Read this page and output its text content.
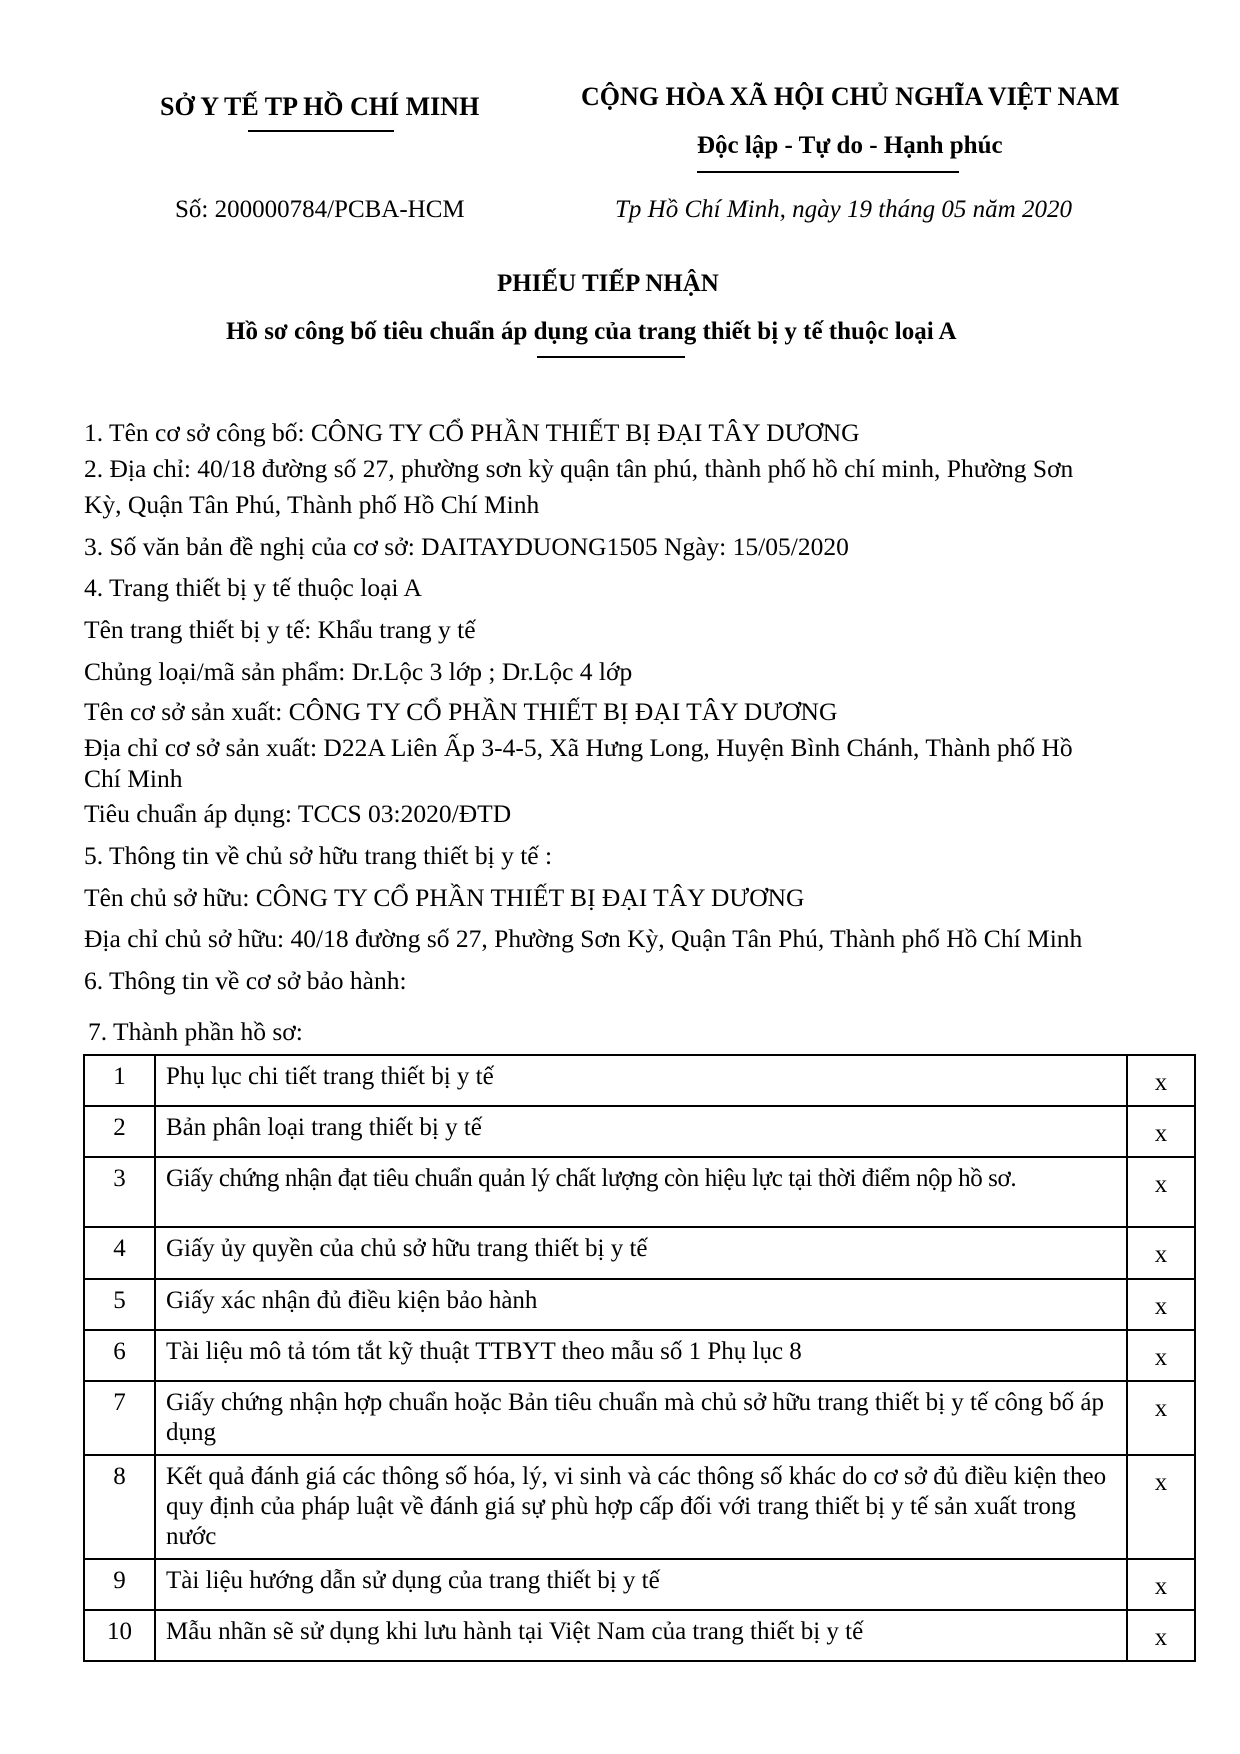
SỞ Y TẾ TP HỒ CHÍ MINH	CỘNG HÒA XÃ HỘI CHỦ NGHĨA VIỆT NAM
Độc lập - Tự do - Hạnh phúc
Số: 200000784/PCBA-HCM	Tp Hồ Chí Minh, ngày 19 tháng 05 năm 2020
PHIẾU TIẾP NHẬN
Hồ sơ công bố tiêu chuẩn áp dụng của trang thiết bị y tế thuộc loại A
1. Tên cơ sở công bố: CÔNG TY CỔ PHẦN THIẾT BỊ ĐẠI TÂY DƯƠNG
2. Địa chỉ: 40/18 đường số 27, phường sơn kỳ quận tân phú, thành phố hồ chí minh, Phường Sơn
Kỳ, Quận Tân Phú, Thành phố Hồ Chí Minh
3. Số văn bản đề nghị của cơ sở: DAITAYDUONG1505 Ngày: 15/05/2020
4. Trang thiết bị y tế thuộc loại A
Tên trang thiết bị y tế: Khẩu trang y tế
Chủng loại/mã sản phẩm: Dr.Lộc 3 lớp ; Dr.Lộc 4 lớp
Tên cơ sở sản xuất: CÔNG TY CỔ PHẦN THIẾT BỊ ĐẠI TÂY DƯƠNG
Địa chỉ cơ sở sản xuất: D22A Liên Ấp 3-4-5, Xã Hưng Long, Huyện Bình Chánh, Thành phố Hồ
Chí Minh
Tiêu chuẩn áp dụng: TCCS 03:2020/ĐTD
5. Thông tin về chủ sở hữu trang thiết bị y tế :
Tên chủ sở hữu: CÔNG TY CỔ PHẦN THIẾT BỊ ĐẠI TÂY DƯƠNG
Địa chỉ chủ sở hữu: 40/18 đường số 27, Phường Sơn Kỳ, Quận Tân Phú, Thành phố Hồ Chí Minh
6. Thông tin về cơ sở bảo hành:
7. Thành phần hồ sơ:
1	Phụ lục chi tiết trang thiết bị y tế	x
2	Bản phân loại trang thiết bị y tế	x
3	Giấy chứng nhận đạt tiêu chuẩn quản lý chất lượng còn hiệu lực tại thời điểm nộp hồ sơ.	x
4	Giấy ủy quyền của chủ sở hữu trang thiết bị y tế	x
5	Giấy xác nhận đủ điều kiện bảo hành	x
6	Tài liệu mô tả tóm tắt kỹ thuật TTBYT theo mẫu số 1 Phụ lục 8	x
7	Giấy chứng nhận hợp chuẩn hoặc Bản tiêu chuẩn mà chủ sở hữu trang thiết bị y tế công bố áp dụng	x
8	Kết quả đánh giá các thông số hóa, lý, vi sinh và các thông số khác do cơ sở đủ điều kiện theo quy định của pháp luật về đánh giá sự phù hợp cấp đối với trang thiết bị y tế sản xuất trong nước	x
9	Tài liệu hướng dẫn sử dụng của trang thiết bị y tế	x
10	Mẫu nhãn sẽ sử dụng khi lưu hành tại Việt Nam của trang thiết bị y tế	x
